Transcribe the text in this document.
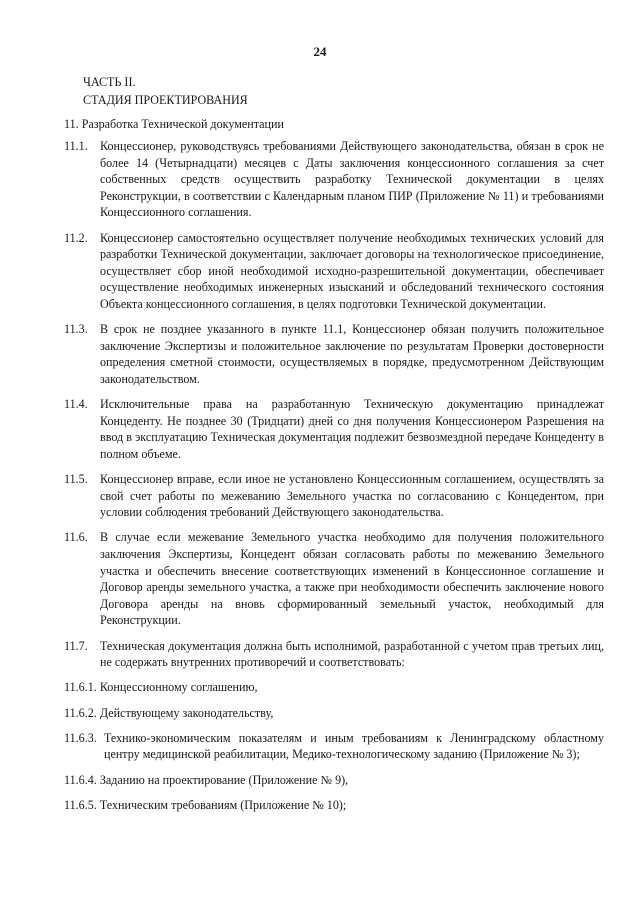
24
ЧАСТЬ II.
СТАДИЯ ПРОЕКТИРОВАНИЯ
11. Разработка Технической документации
11.1. Концессионер, руководствуясь требованиями Действующего законодательства, обязан в срок не более 14 (Четырнадцати) месяцев с Даты заключения концессионного соглашения за счет собственных средств осуществить разработку Технической документации в целях Реконструкции, в соответствии с Календарным планом ПИР (Приложение № 11) и требованиями Концессионного соглашения.
11.2. Концессионер самостоятельно осуществляет получение необходимых технических условий для разработки Технической документации, заключает договоры на технологическое присоединение, осуществляет сбор иной необходимой исходно-разрешительной документации, обеспечивает осуществление необходимых инженерных изысканий и обследований технического состояния Объекта концессионного соглашения, в целях подготовки Технической документации.
11.3. В срок не позднее указанного в пункте 11.1, Концессионер обязан получить положительное заключение Экспертизы и положительное заключение по результатам Проверки достоверности определения сметной стоимости, осуществляемых в порядке, предусмотренном Действующим законодательством.
11.4. Исключительные права на разработанную Техническую документацию принадлежат Концеденту. Не позднее 30 (Тридцати) дней со дня получения Концессионером Разрешения на ввод в эксплуатацию Техническая документация подлежит безвозмездной передаче Концеденту в полном объеме.
11.5. Концессионер вправе, если иное не установлено Концессионным соглашением, осуществлять за свой счет работы по межеванию Земельного участка по согласованию с Концедентом, при условии соблюдения требований Действующего законодательства.
11.6. В случае если межевание Земельного участка необходимо для получения положительного заключения Экспертизы, Концедент обязан согласовать работы по межеванию Земельного участка и обеспечить внесение соответствующих изменений в Концессионное соглашение и Договор аренды земельного участка, а также при необходимости обеспечить заключение нового Договора аренды на вновь сформированный земельный участок, необходимый для Реконструкции.
11.7. Техническая документация должна быть исполнимой, разработанной с учетом прав третьих лиц, не содержать внутренних противоречий и соответствовать:
11.6.1. Концессионному соглашению,
11.6.2. Действующему законодательству,
11.6.3. Технико-экономическим показателям и иным требованиям к Ленинградскому областному центру медицинской реабилитации, Медико-технологическому заданию (Приложение № 3);
11.6.4. Заданию на проектирование (Приложение № 9),
11.6.5. Техническим требованиям (Приложение № 10);
